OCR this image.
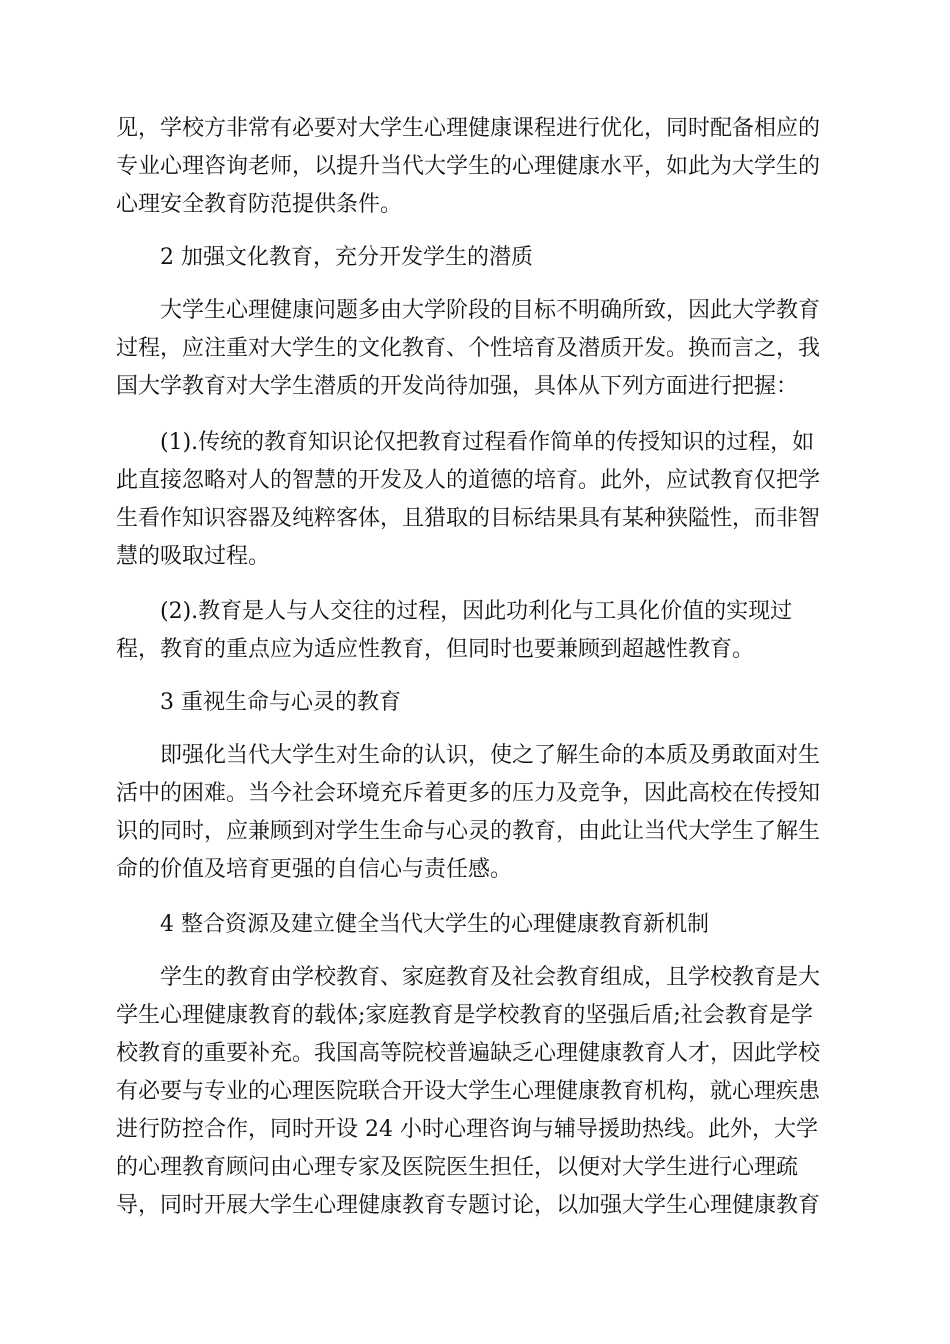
见，学校方非常有必要对大学生心理健康课程进行优化，同时配备相应的
专业心理咨询老师，以提升当代大学生的心理健康水平，如此为大学生的
心理安全教育防范提供条件。
2 加强文化教育，充分开发学生的潜质
大学生心理健康问题多由大学阶段的目标不明确所致，因此大学教育
过程，应注重对大学生的文化教育、个性培育及潜质开发。换而言之，我
国大学教育对大学生潜质的开发尚待加强，具体从下列方面进行把握：
(1).传统的教育知识论仅把教育过程看作简单的传授知识的过程，如
此直接忽略对人的智慧的开发及人的道德的培育。此外，应试教育仅把学
生看作知识容器及纯粹客体，且猎取的目标结果具有某种狭隘性，而非智
慧的吸取过程。
(2).教育是人与人交往的过程，因此功利化与工具化价值的实现过
程，教育的重点应为适应性教育，但同时也要兼顾到超越性教育。
3 重视生命与心灵的教育
即强化当代大学生对生命的认识，使之了解生命的本质及勇敢面对生
活中的困难。当今社会环境充斥着更多的压力及竞争，因此高校在传授知
识的同时，应兼顾到对学生生命与心灵的教育，由此让当代大学生了解生
命的价值及培育更强的自信心与责任感。
4 整合资源及建立健全当代大学生的心理健康教育新机制
学生的教育由学校教育、家庭教育及社会教育组成，且学校教育是大
学生心理健康教育的载体;家庭教育是学校教育的坚强后盾;社会教育是学
校教育的重要补充。我国高等院校普遍缺乏心理健康教育人才，因此学校
有必要与专业的心理医院联合开设大学生心理健康教育机构，就心理疾患
进行防控合作，同时开设 24 小时心理咨询与辅导援助热线。此外，大学
的心理教育顾问由心理专家及医院医生担任，以便对大学生进行心理疏
导，同时开展大学生心理健康教育专题讨论，以加强大学生心理健康教育
